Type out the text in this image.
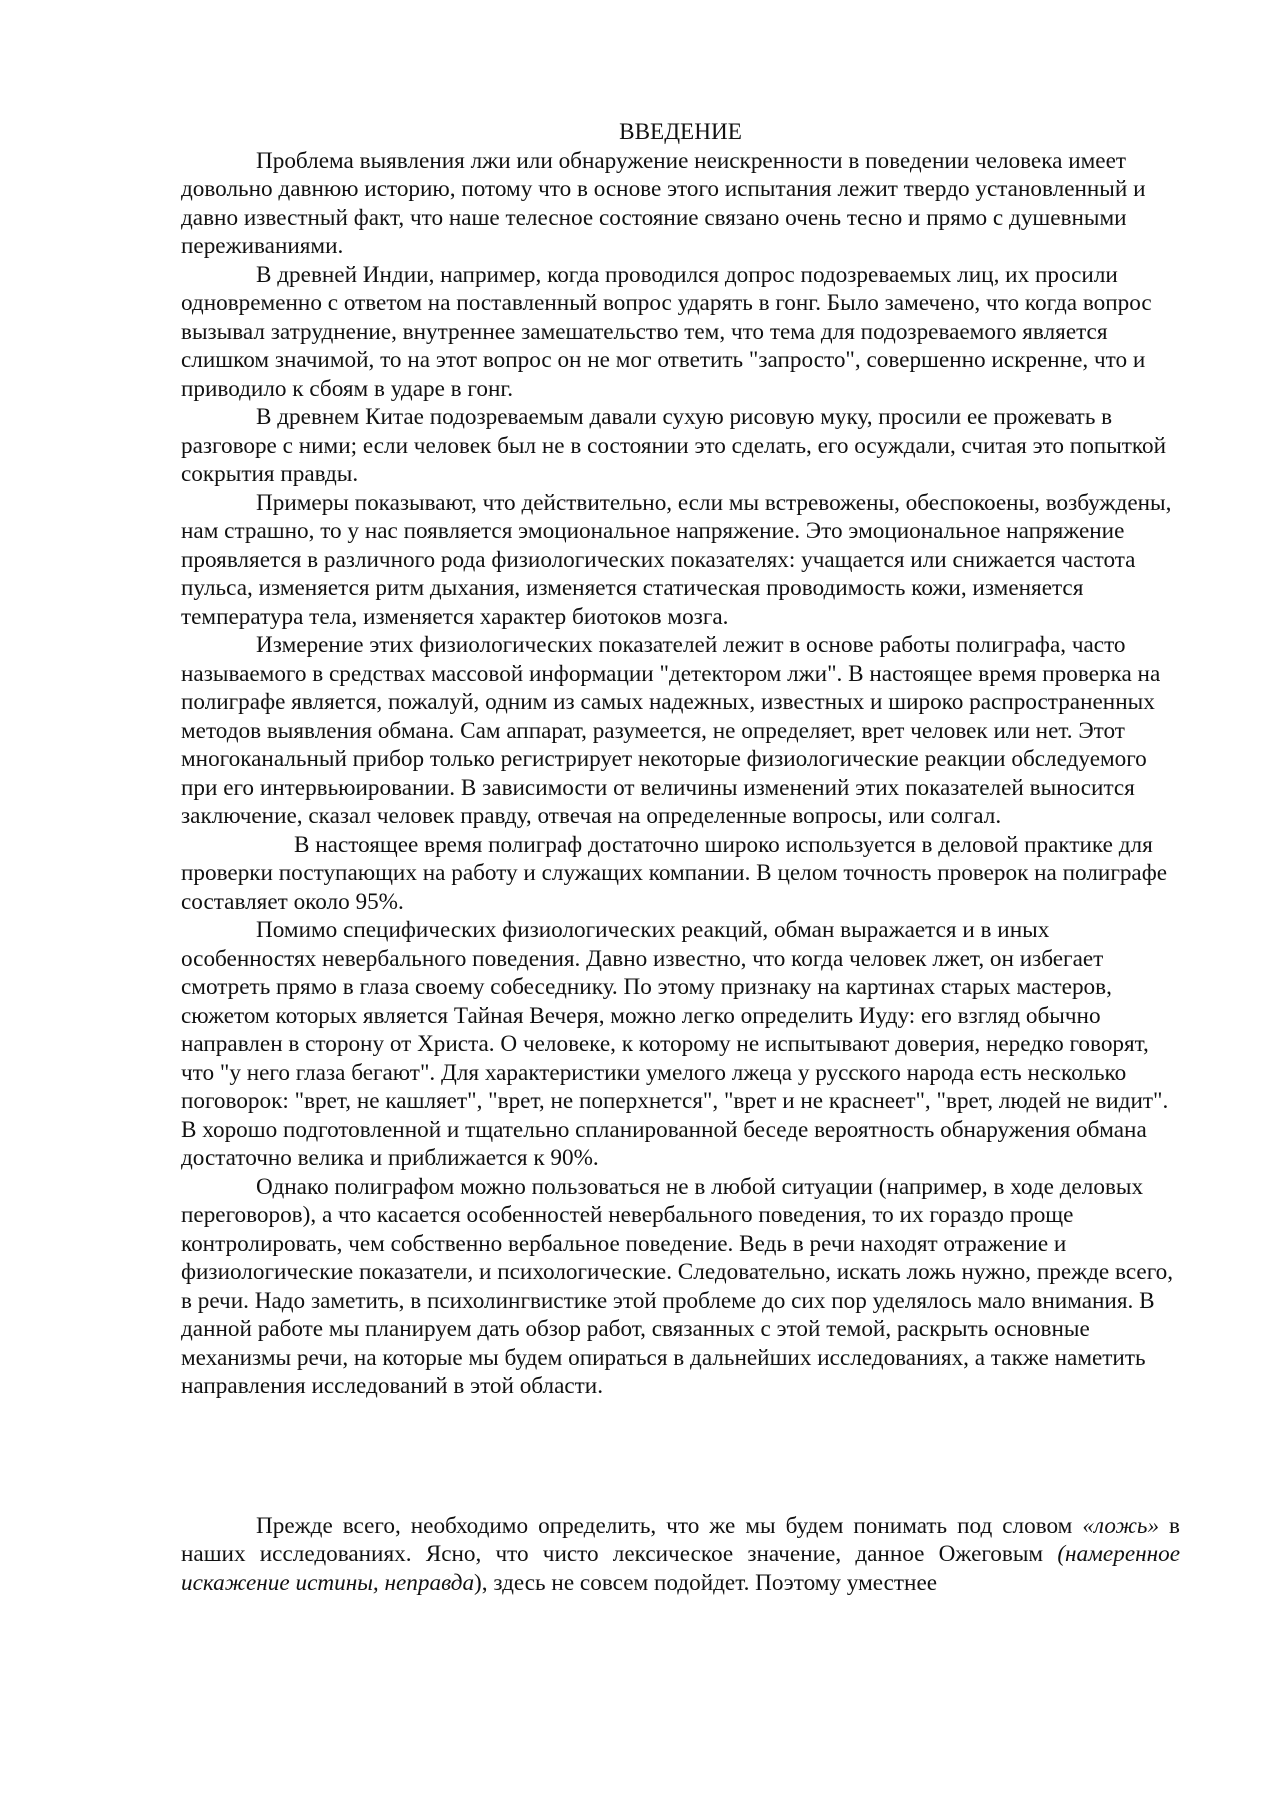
ВВЕДЕНИЕ

Проблема выявления лжи или обнаружение неискренности в поведении человека имеет довольно давнюю историю, потому что в основе этого испытания лежит твердо установленный и давно известный факт, что наше телесное состояние связано очень тесно и прямо с душевными переживаниями.

В древней Индии, например, когда проводился допрос подозреваемых лиц, их просили одновременно с ответом на поставленный вопрос ударять в гонг. Было замечено, что когда вопрос вызывал затруднение, внутреннее замешательство тем, что тема для подозреваемого является слишком значимой, то на этот вопрос он не мог ответить "запросто", совершенно искренне, что и приводило к сбоям в ударе в гонг.

В древнем Китае подозреваемым давали сухую рисовую муку, просили ее прожевать в разговоре с ними; если человек был не в состоянии это сделать, его осуждали, считая это попыткой сокрытия правды.

Примеры показывают, что действительно, если мы встревожены, обеспокоены, возбуждены, нам страшно, то у нас появляется эмоциональное напряжение. Это эмоциональное напряжение проявляется в различного рода физиологических показателях: учащается или снижается частота пульса, изменяется ритм дыхания, изменяется статическая проводимость кожи, изменяется температура тела, изменяется характер биотоков мозга.

Измерение этих физиологических показателей лежит в основе работы полиграфа, часто называемого в средствах массовой информации "детектором лжи". В настоящее время проверка на полиграфе является, пожалуй, одним из самых надежных, известных и широко распространенных методов выявления обмана. Сам аппарат, разумеется, не определяет, врет человек или нет. Этот многоканальный прибор только регистрирует некоторые физиологические реакции обследуемого при его интервьюировании. В зависимости от величины изменений этих показателей выносится заключение, сказал человек правду, отвечая на определенные вопросы, или солгал.

В настоящее время полиграф достаточно широко используется в деловой практике для проверки поступающих на работу и служащих компании. В целом точность проверок на полиграфе составляет около 95%.

Помимо специфических физиологических реакций, обман выражается и в иных особенностях невербального поведения. Давно известно, что когда человек лжет, он избегает смотреть прямо в глаза своему собеседнику. По этому признаку на картинах старых мастеров, сюжетом которых является Тайная Вечеря, можно легко определить Иуду: его взгляд обычно направлен в сторону от Христа. О человеке, к которому не испытывают доверия, нередко говорят, что "у него глаза бегают". Для характеристики умелого лжеца у русского народа есть несколько поговорок: "врет, не кашляет", "врет, не поперхнется", "врет и не краснеет", "врет, людей не видит". В хорошо подготовленной и тщательно спланированной беседе вероятность обнаружения обмана достаточно велика и приближается к 90%.

Однако полиграфом можно пользоваться не в любой ситуации (например, в ходе деловых переговоров), а что касается особенностей невербального поведения, то их гораздо проще контролировать, чем собственно вербальное поведение. Ведь в речи находят отражение и физиологические показатели, и психологические. Следовательно, искать ложь нужно, прежде всего, в речи. Надо заметить, в психолингвистике этой проблеме до сих пор уделялось мало внимания. В данной работе мы планируем дать обзор работ, связанных с этой темой, раскрыть основные механизмы речи, на которые мы будем опираться в дальнейших исследованиях, а также наметить направления исследований в этой области.

Прежде всего, необходимо определить, что же мы будем понимать под словом «ложь» в наших исследованиях. Ясно, что чисто лексическое значение, данное Ожеговым (намеренное искажение истины, неправда), здесь не совсем подойдет. Поэтому уместнее
